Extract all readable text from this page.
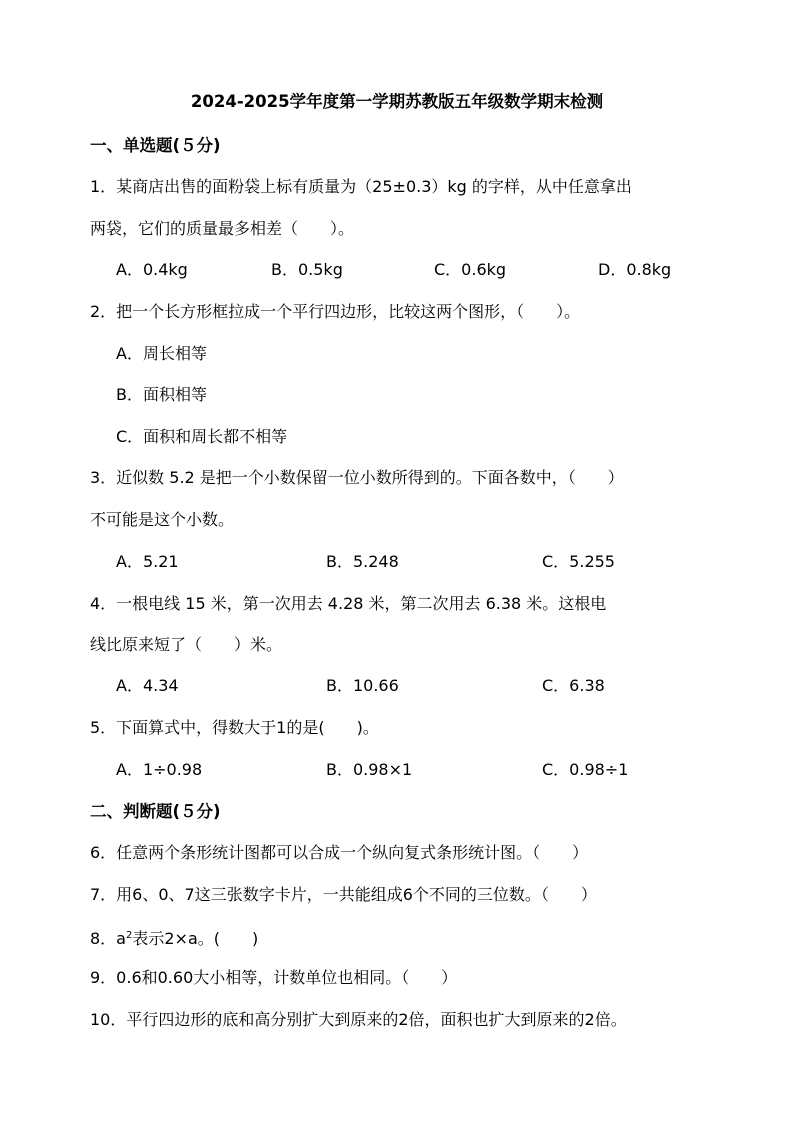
2024-2025学年度第一学期苏教版五年级数学期末检测
一、单选题(５分)
1．某商店出售的面粉袋上标有质量为（25±0.3）kg 的字样，从中任意拿出
两袋，它们的质量最多相差（　　）。
A．0.4kg	B．0.5kg	C．0.6kg	D．0.8kg
2．把一个长方形框拉成一个平行四边形，比较这两个图形，（　　）。
A．周长相等
B．面积相等
C．面积和周长都不相等
3．近似数 5.2 是把一个小数保留一位小数所得到的。下面各数中，（　　）
不可能是这个小数。
A．5.21	B．5.248	C．5.255
4．一根电线 15 米，第一次用去 4.28 米，第二次用去 6.38 米。这根电
线比原来短了（　　）米。
A．4.34	B．10.66	C．6.38
5．下面算式中，得数大于1的是(　　)。
A．1÷0.98	B．0.98×1	C．0.98÷1
二、判断题(５分)
6．任意两个条形统计图都可以合成一个纵向复式条形统计图。（　　）
7．用6、0、7这三张数字卡片，一共能组成6个不同的三位数。（　　）
8．$a^2$表示2×a。(　　)
9．0.6和0.60大小相等，计数单位也相同。（　　）
10．平行四边形的底和高分别扩大到原来的2倍，面积也扩大到原来的2倍。
